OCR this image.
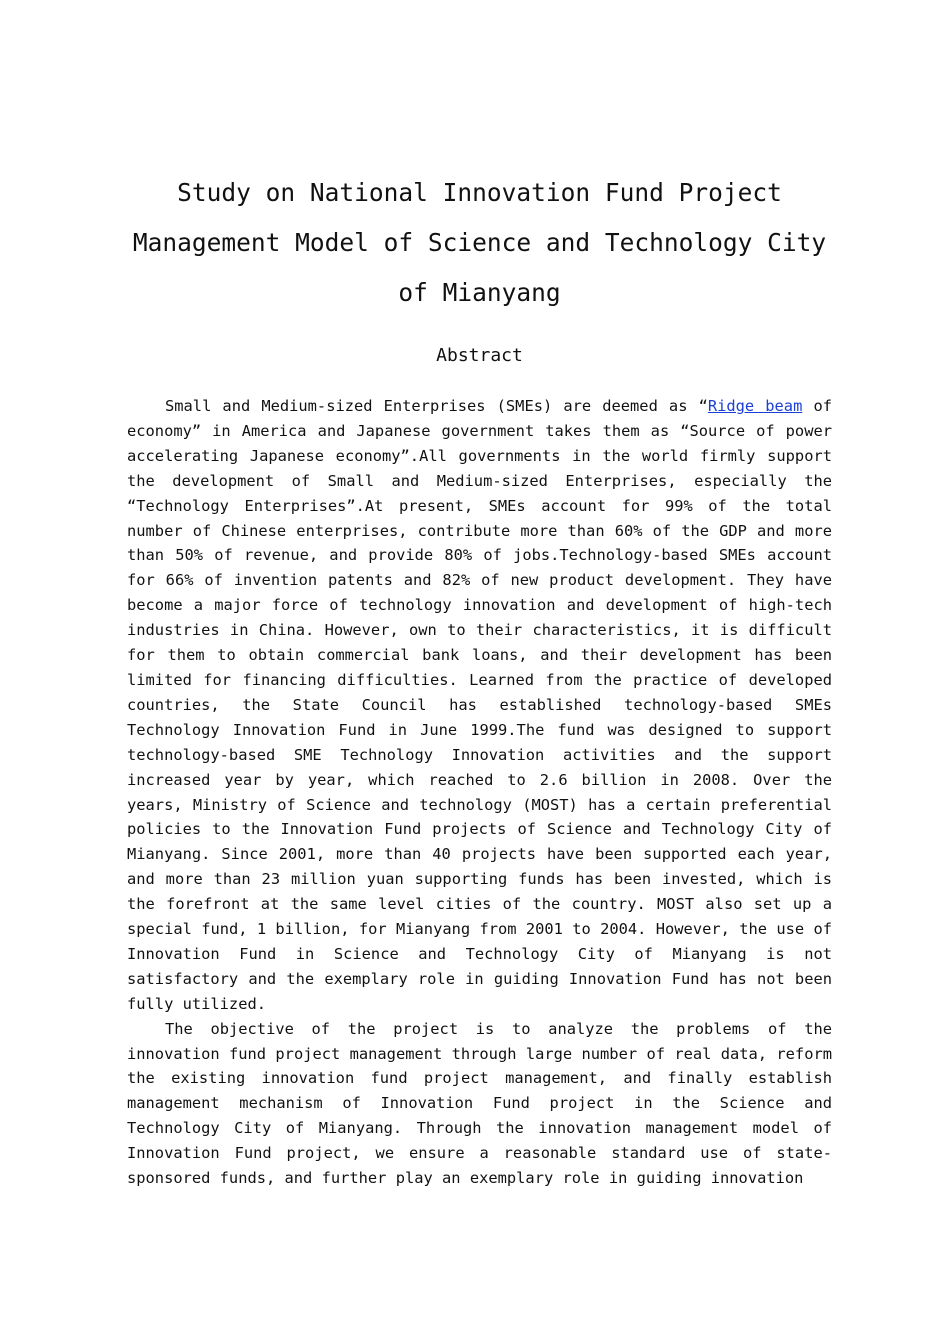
Study on National Innovation Fund Project
Management Model of Science and Technology City
of Mianyang
Abstract

Small and Medium-sized Enterprises (SMEs) are deemed as “Ridge beam of economy” in America and Japanese government takes them as “Source of power accelerating Japanese economy”.All governments in the world firmly support the development of Small and Medium-sized Enterprises, especially the “Technology Enterprises”.At present, SMEs account for 99% of the total number of Chinese enterprises, contribute more than 60% of the GDP and more than 50% of revenue, and provide 80% of jobs.Technology-based SMEs account for 66% of invention patents and 82% of new product development. They have become a major force of technology innovation and development of high-tech industries in China. However, own to their characteristics, it is difficult for them to obtain commercial bank loans, and their development has been limited for financing difficulties. Learned from the practice of developed countries, the State Council has established technology-based SMEs Technology Innovation Fund in June 1999.The fund was designed to support technology-based SME Technology Innovation activities and the support increased year by year, which reached to 2.6 billion in 2008. Over the years, Ministry of Science and technology (MOST) has a certain preferential policies to the Innovation Fund projects of Science and Technology City of Mianyang. Since 2001, more than 40 projects have been supported each year, and more than 23 million yuan supporting funds has been invested, which is the forefront at the same level cities of the country. MOST also set up a special fund, 1 billion, for Mianyang from 2001 to 2004. However, the use of Innovation Fund in Science and Technology City of Mianyang is not satisfactory and the exemplary role in guiding Innovation Fund has not been fully utilized.

The objective of the project is to analyze the problems of the innovation fund project management through large number of real data, reform the existing innovation fund project management, and finally establish management mechanism of Innovation Fund project in the Science and Technology City of Mianyang. Through the innovation management model of Innovation Fund project, we ensure a reasonable standard use of state-sponsored funds, and further play an exemplary role in guiding innovation
